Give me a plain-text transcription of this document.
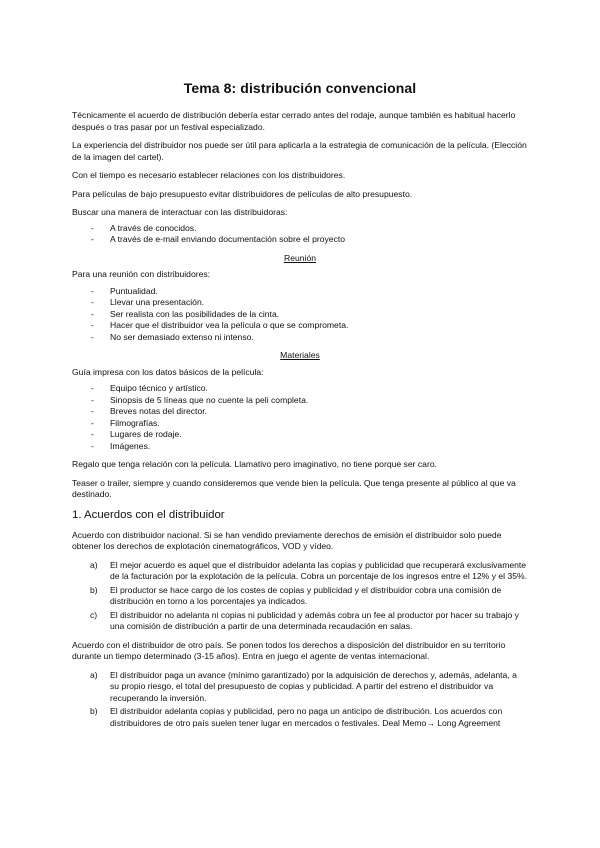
Tema 8: distribución convencional

Técnicamente el acuerdo de distribución debería estar cerrado antes del rodaje, aunque también es habitual hacerlo después o tras pasar por un festival especializado.

La experiencia del distribuidor nos puede ser útil para aplicarla a la estrategia de comunicación de la película. (Elección de la imagen del cartel).

Con el tiempo es necesario establecer relaciones con los distribuidores.

Para películas de bajo presupuesto evitar distribuidores de películas de alto presupuesto.

Buscar una manera de interactuar con las distribuidoras:

- A través de conocidos.
- A través de e-mail enviando documentación sobre el proyecto
Reunión

Para una reunión con distribuidores:

- Puntualidad.
- Llevar una presentación.
- Ser realista con las posibilidades de la cinta.
- Hacer que el distribuidor vea la película o que se comprometa.
- No ser demasiado extenso ni intenso.
Materiales

Guía impresa con los datos básicos de la película:

- Equipo técnico y artístico.
- Sinopsis de 5 líneas que no cuente la peli completa.
- Breves notas del director.
- Filmografías.
- Lugares de rodaje.
- Imágenes.

Regalo que tenga relación con la película. Llamativo pero imaginativo, no tiene porque ser caro.

Teaser o trailer, siempre y cuando consideremos que vende bien la película. Que tenga presente al público al que va destinado.

1. Acuerdos con el distribuidor

Acuerdo con distribuidor nacional. Si se han vendido previamente derechos de emisión el distribuidor solo puede obtener los derechos de explotación cinematográficos, VOD y vídeo.

a) El mejor acuerdo es aquel que el distribuidor adelanta las copias y publicidad que recuperará exclusivamente de la facturación por la explotación de la película. Cobra un porcentaje de los ingresos entre el 12% y el 35%.
b) El productor se hace cargo de los costes de copias y publicidad y el distribuidor cobra una comisión de distribución en torno a los porcentajes ya indicados.
c) El distribuidor no adelanta ni copias ni publicidad y además cobra un fee al productor por hacer su trabajo y una comisión de distribución a partir de una determinada recaudación en salas.

Acuerdo con el distribuidor de otro país. Se ponen todos los derechos a disposición del distribuidor en su territorio durante un tiempo determinado (3-15 años). Entra en juego el agente de ventas internacional.

a) El distribuidor paga un avance (mínimo garantizado) por la adquisición de derechos y, además, adelanta, a su propio riesgo, el total del presupuesto de copias y publicidad. A partir del estreno el distribuidor va recuperando la inversión.
b) El distribuidor adelanta copias y publicidad, pero no paga un anticipo de distribución. Los acuerdos con distribuidores de otro país suelen tener lugar en mercados o festivales. Deal Memo→ Long Agreement
